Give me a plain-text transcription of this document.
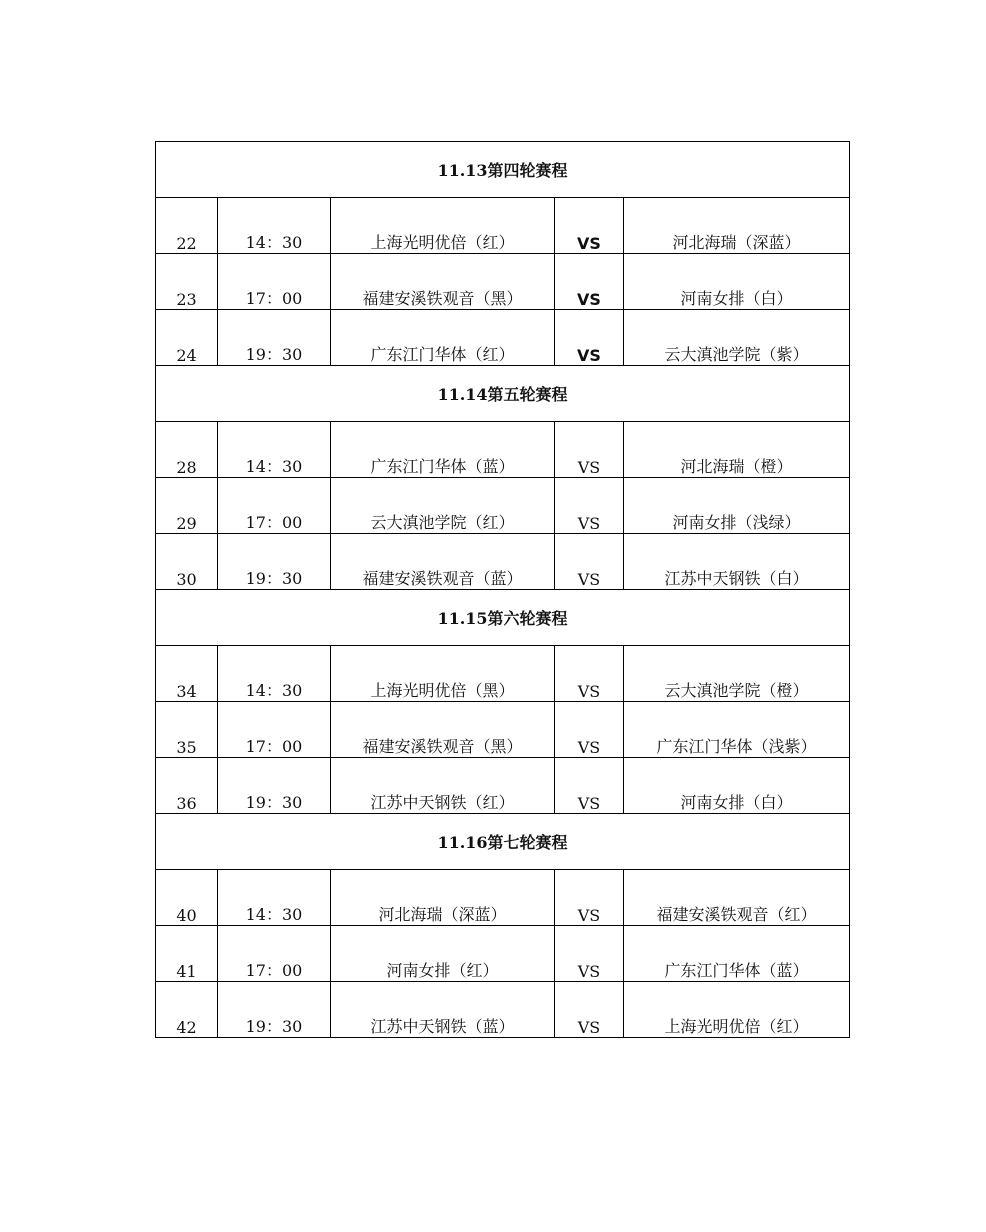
11.13第四轮赛程				
22	14：30	上海光明优倍（红）	VS	河北海瑞（深蓝）
23	17：00	福建安溪铁观音（黑）	VS	河南女排（白）
24	19：30	广东江门华体（红）	VS	云大滇池学院（紫）
11.14第五轮赛程				
28	14：30	广东江门华体（蓝）	VS	河北海瑞（橙）
29	17：00	云大滇池学院（红）	VS	河南女排（浅绿）
30	19：30	福建安溪铁观音（蓝）	VS	江苏中天钢铁（白）
11.15第六轮赛程				
34	14：30	上海光明优倍（黑）	VS	云大滇池学院（橙）
35	17：00	福建安溪铁观音（黑）	VS	广东江门华体（浅紫）
36	19：30	江苏中天钢铁（红）	VS	河南女排（白）
11.16第七轮赛程				
40	14：30	河北海瑞（深蓝）	VS	福建安溪铁观音（红）
41	17：00	河南女排（红）	VS	广东江门华体（蓝）
42	19：30	江苏中天钢铁（蓝）	VS	上海光明优倍（红）
